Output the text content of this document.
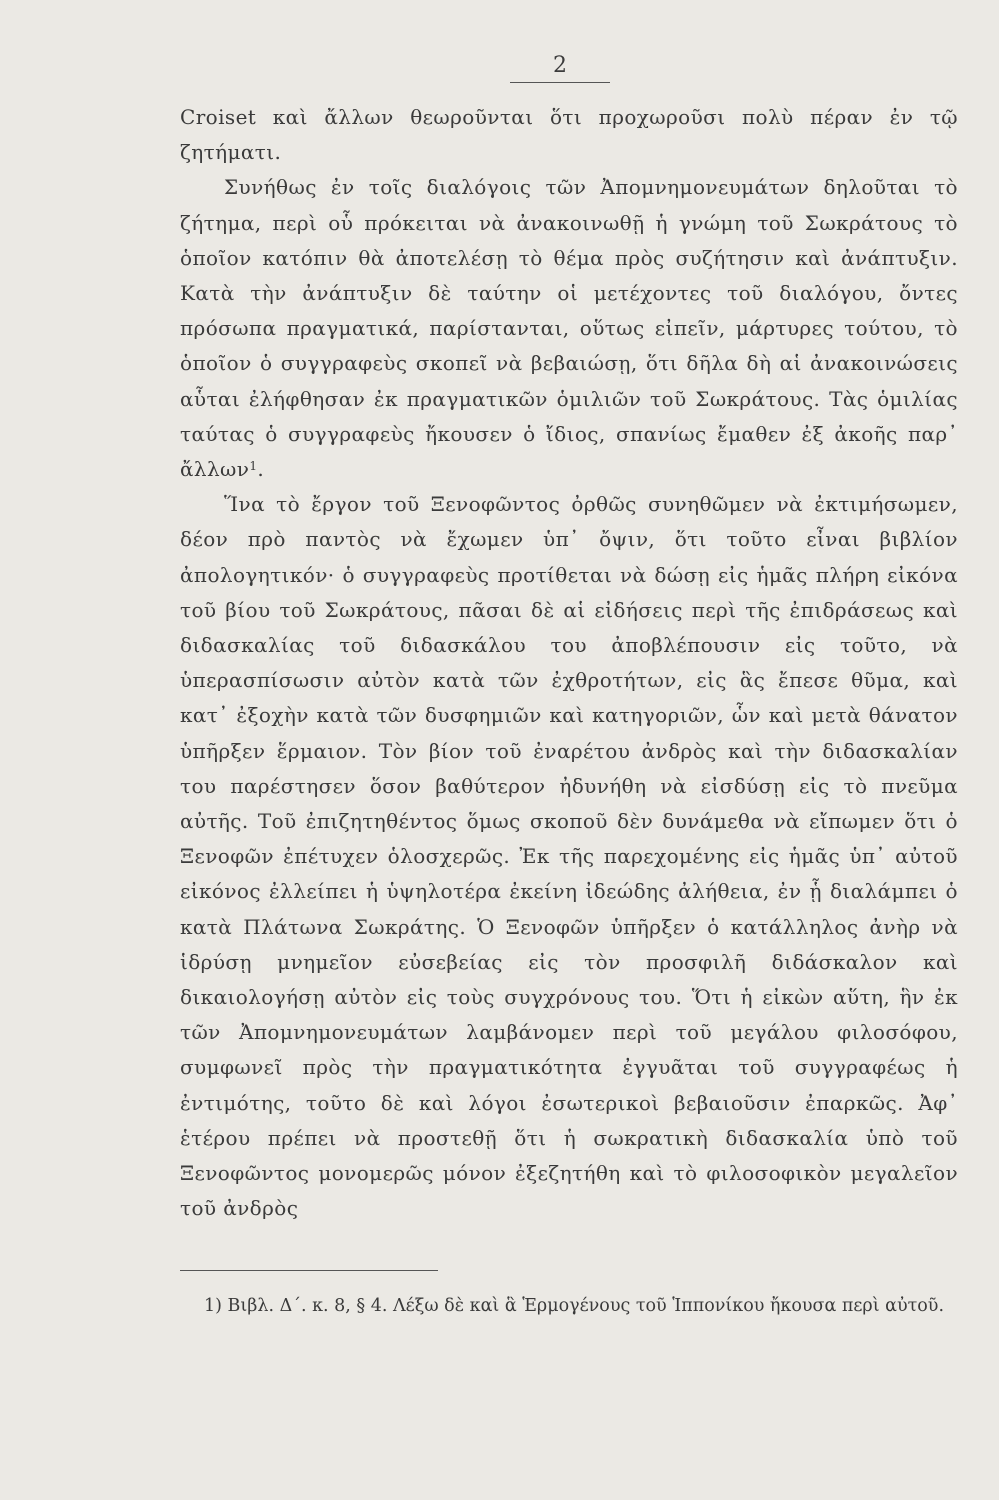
2

Croiset καὶ ἄλλων θεωροῦνται ὅτι προχωροῦσι πολὺ πέραν ἐν τῷ ζητήματι.

Συνήθως ἐν τοῖς διαλόγοις τῶν Ἀπομνημονευμάτων δηλοῦται τὸ ζήτημα, περὶ οὗ πρόκειται νὰ ἀνακοινωθῇ ἡ γνώμη τοῦ Σωκράτους τὸ ὁποῖον κατόπιν θὰ ἀποτελέσῃ τὸ θέμα πρὸς συζήτησιν καὶ ἀνάπτυξιν. Κατὰ τὴν ἀνάπτυξιν δὲ ταύτην οἱ μετέχοντες τοῦ διαλόγου, ὄντες πρόσωπα πραγματικά, παρίστανται, οὕτως εἰπεῖν, μάρτυρες τούτου, τὸ ὁποῖον ὁ συγγραφεὺς σκοπεῖ νὰ βεβαιώσῃ, ὅτι δῆλα δὴ αἱ ἀνακοινώσεις αὗται ἐλήφθησαν ἐκ πραγματικῶν ὁμιλιῶν τοῦ Σωκράτους. Τὰς ὁμιλίας ταύτας ὁ συγγραφεὺς ἤκουσεν ὁ ἴδιος, σπανίως ἔμαθεν ἐξ ἀκοῆς παρ᾽ ἄλλων$^1$.

Ἵνα τὸ ἔργον τοῦ Ξενοφῶντος ὀρθῶς συνηθῶμεν νὰ ἐκτιμήσωμεν, δέον πρὸ παντὸς νὰ ἔχωμεν ὑπ᾽ ὄψιν, ὅτι τοῦτο εἶναι βιβλίον ἀπολογητικόν· ὁ συγγραφεὺς προτίθεται νὰ δώσῃ εἰς ἡμᾶς πλήρη εἰκόνα τοῦ βίου τοῦ Σωκράτους, πᾶσαι δὲ αἱ εἰδήσεις περὶ τῆς ἐπιδράσεως καὶ διδασκαλίας τοῦ διδασκάλου του ἀποβλέπουσιν εἰς τοῦτο, νὰ ὑπερασπίσωσιν αὐτὸν κατὰ τῶν ἐχθροτήτων, εἰς ἃς ἔπεσε θῦμα, καὶ κατ᾽ ἐξοχὴν κατὰ τῶν δυσφημιῶν καὶ κατηγοριῶν, ὧν καὶ μετὰ θάνατον ὑπῆρξεν ἕρμαιον. Τὸν βίον τοῦ ἐναρέτου ἀνδρὸς καὶ τὴν διδασκαλίαν του παρέστησεν ὅσον βαθύτερον ἠδυνήθη νὰ εἰσδύσῃ εἰς τὸ πνεῦμα αὐτῆς. Τοῦ ἐπιζητηθέντος ὅμως σκοποῦ δὲν δυνάμεθα νὰ εἴπωμεν ὅτι ὁ Ξενοφῶν ἐπέτυχεν ὁλοσχερῶς. Ἐκ τῆς παρεχομένης εἰς ἡμᾶς ὑπ᾽ αὐτοῦ εἰκόνος ἐλλείπει ἡ ὑψηλοτέρα ἐκείνη ἰδεώδης ἀλήθεια, ἐν ᾗ διαλάμπει ὁ κατὰ Πλάτωνα Σωκράτης. Ὁ Ξενοφῶν ὑπῆρξεν ὁ κατάλληλος ἀνὴρ νὰ ἱδρύσῃ μνημεῖον εὐσεβείας εἰς τὸν προσφιλῆ διδάσκαλον καὶ δικαιολογήσῃ αὐτὸν εἰς τοὺς συγχρόνους του. Ὅτι ἡ εἰκὼν αὕτη, ἣν ἐκ τῶν Ἀπομνημονευμάτων λαμβάνομεν περὶ τοῦ μεγάλου φιλοσόφου, συμφωνεῖ πρὸς τὴν πραγματικότητα ἐγγυᾶται τοῦ συγγραφέως ἡ ἐντιμότης, τοῦτο δὲ καὶ λόγοι ἐσωτερικοὶ βεβαιοῦσιν ἐπαρκῶς. Ἀφ᾽ ἑτέρου πρέπει νὰ προστεθῇ ὅτι ἡ σωκρατικὴ διδασκαλία ὑπὸ τοῦ Ξενοφῶντος μονομερῶς μόνον ἐξεζητήθη καὶ τὸ φιλοσοφικὸν μεγαλεῖον τοῦ ἀνδρὸς

1) Βιβλ. Δ΄. κ. 8, § 4. Λέξω δὲ καὶ ἃ Ἑρμογένους τοῦ Ἱππονίκου ἤκουσα περὶ αὐτοῦ.
